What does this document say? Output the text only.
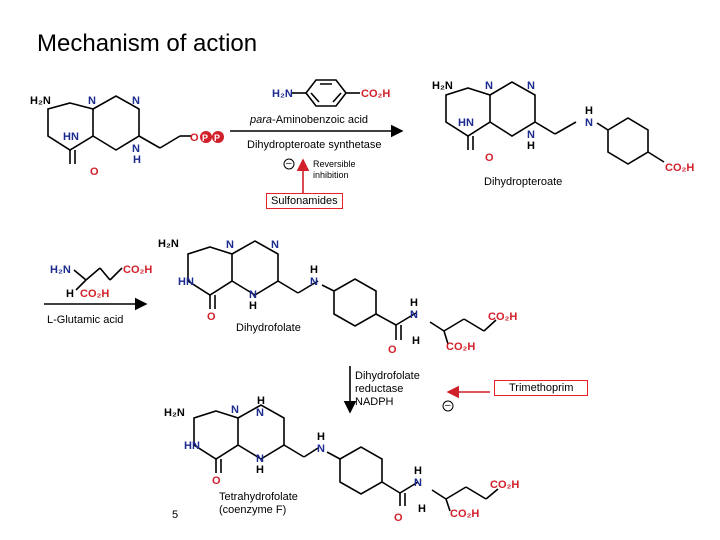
Mechanism of action
H₂N	N	N
HN
N
H
O
O P P
H₂N	CO₂H
H₂N	N	N
HN
N
H
H
N
O
CO₂H
H₂N	CO₂H
H CO₂H
H₂N	N	N
HN
N
H
H
N
O
H
N
O
H CO₂H
CO₂H
H₂N	N
H
N
HN
N
H
H
N
O
H
N
O
H CO₂H
CO₂H
para-Aminobenzoic acid
Dihydropteroate synthetase
– Reversible
inhibition
Sulfonamides
Dihydropteroate
L-Glutamic acid
Dihydrofolate
Dihydrofolate
reductase
NADPH	–
Trimethoprim
Tetrahydrofolate
(coenzyme F)
5
